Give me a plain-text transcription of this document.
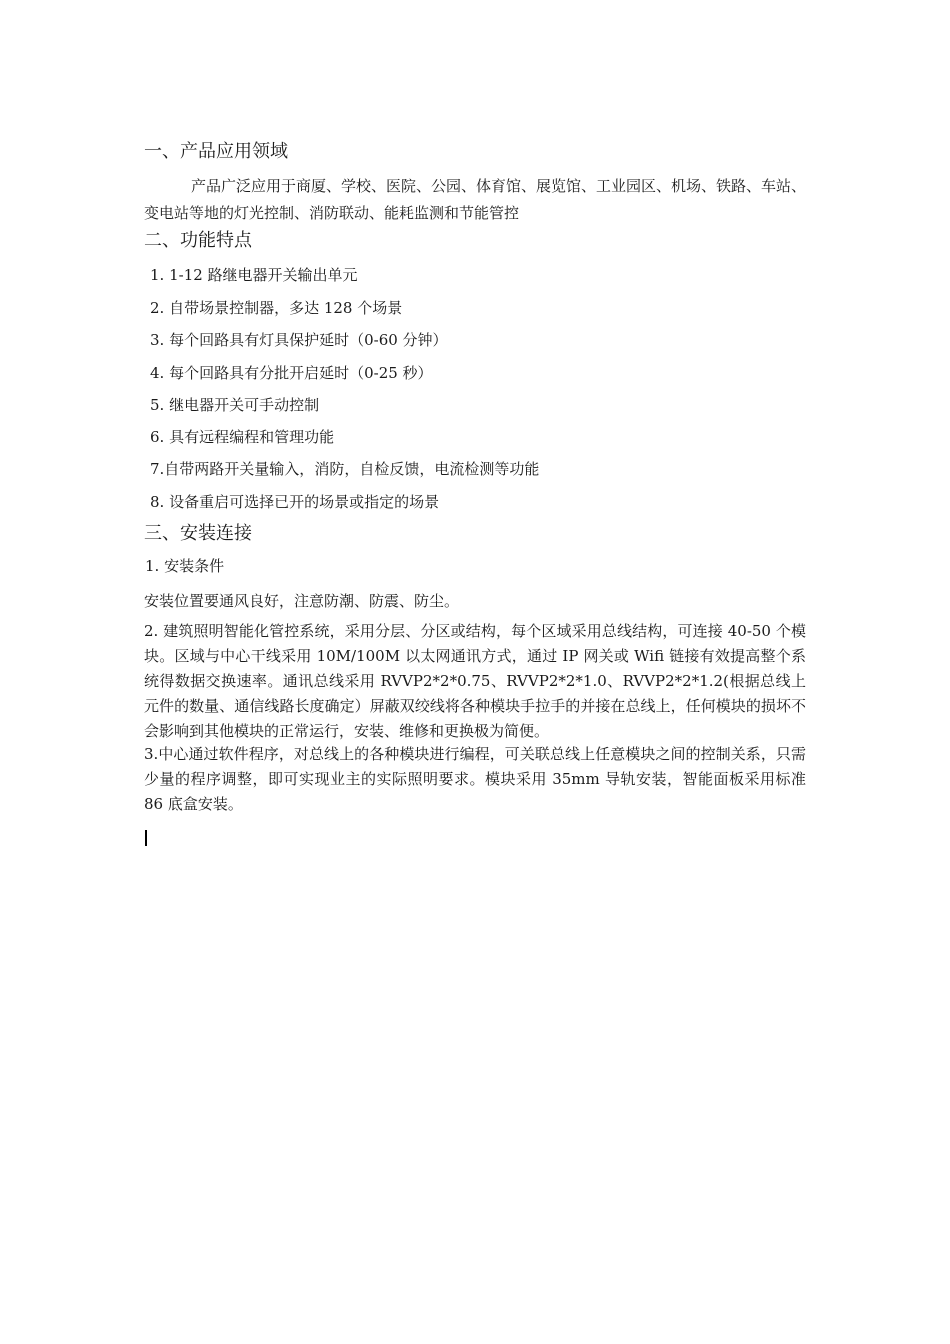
一、产品应用领域
产品广泛应用于商厦、学校、医院、公园、体育馆、展览馆、工业园区、机场、铁路、车站、变电站等地的灯光控制、消防联动、能耗监测和节能管控
二、功能特点
1. 1-12 路继电器开关输出单元
2. 自带场景控制器，多达 128 个场景
3. 每个回路具有灯具保护延时（0-60 分钟）
4. 每个回路具有分批开启延时（0-25 秒）
5. 继电器开关可手动控制
6. 具有远程编程和管理功能
7.自带两路开关量输入，消防，自检反馈，电流检测等功能
8. 设备重启可选择已开的场景或指定的场景
三、安装连接
1. 安装条件
安装位置要通风良好，注意防潮、防震、防尘。
2. 建筑照明智能化管控系统，采用分层、分区或结构，每个区域采用总线结构，可连接 40-50 个模块。区域与中心干线采用 10M/100M 以太网通讯方式，通过 IP 网关或 Wifi 链接有效提高整个系统得数据交换速率。通讯总线采用 RVVP2*2*0.75、RVVP2*2*1.0、RVVP2*2*1.2(根据总线上元件的数量、通信线路长度确定）屏蔽双绞线将各种模块手拉手的并接在总线上，任何模块的损坏不会影响到其他模块的正常运行，安装、维修和更换极为简便。
3.中心通过软件程序，对总线上的各种模块进行编程，可关联总线上任意模块之间的控制关系，只需少量的程序调整，即可实现业主的实际照明要求。模块采用 35mm 导轨安装，智能面板采用标准 86 底盒安装。
